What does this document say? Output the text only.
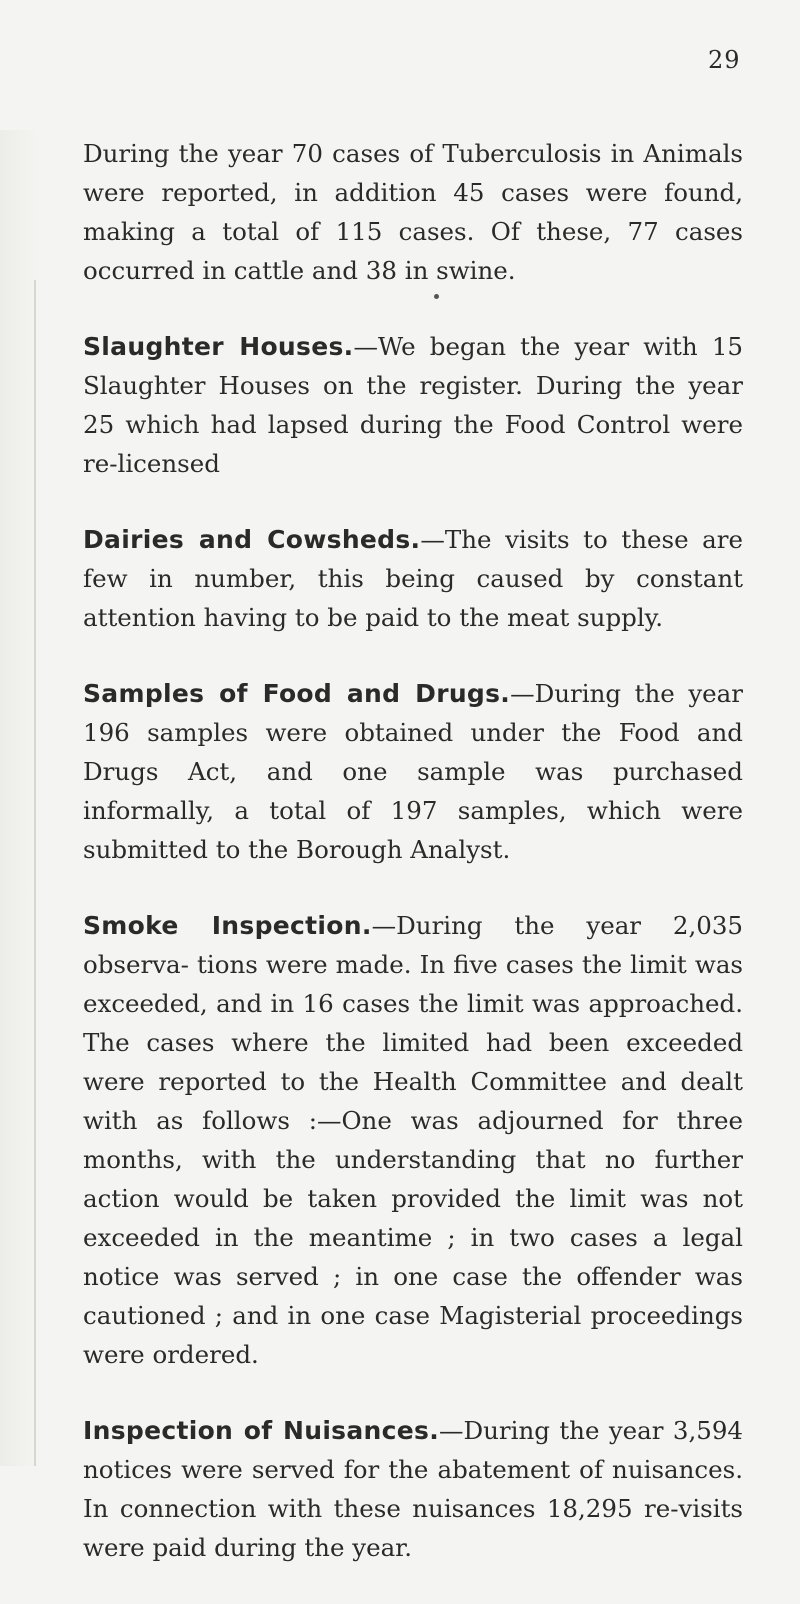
29

During the year 70 cases of Tuberculosis in Animals were reported, in addition 45 cases were found, making a total of 115 cases. Of these, 77 cases occurred in cattle and 38 in swine.

Slaughter Houses.—We began the year with 15 Slaughter Houses on the register. During the year 25 which had lapsed during the Food Control were re-licensed

Dairies and Cowsheds.—The visits to these are few in number, this being caused by constant attention having to be paid to the meat supply.

Samples of Food and Drugs.—During the year 196 samples were obtained under the Food and Drugs Act, and one sample was purchased informally, a total of 197 samples, which were submitted to the Borough Analyst.

Smoke Inspection.—During the year 2,035 observa- tions were made. In five cases the limit was exceeded, and in 16 cases the limit was approached. The cases where the limited had been exceeded were reported to the Health Committee and dealt with as follows :—One was adjourned for three months, with the understanding that no further action would be taken provided the limit was not exceeded in the meantime ; in two cases a legal notice was served ; in one case the offender was cautioned ; and in one case Magisterial proceedings were ordered.

Inspection of Nuisances.—During the year 3,594 notices were served for the abatement of nuisances. In connection with these nuisances 18,295 re-visits were paid during the year.
